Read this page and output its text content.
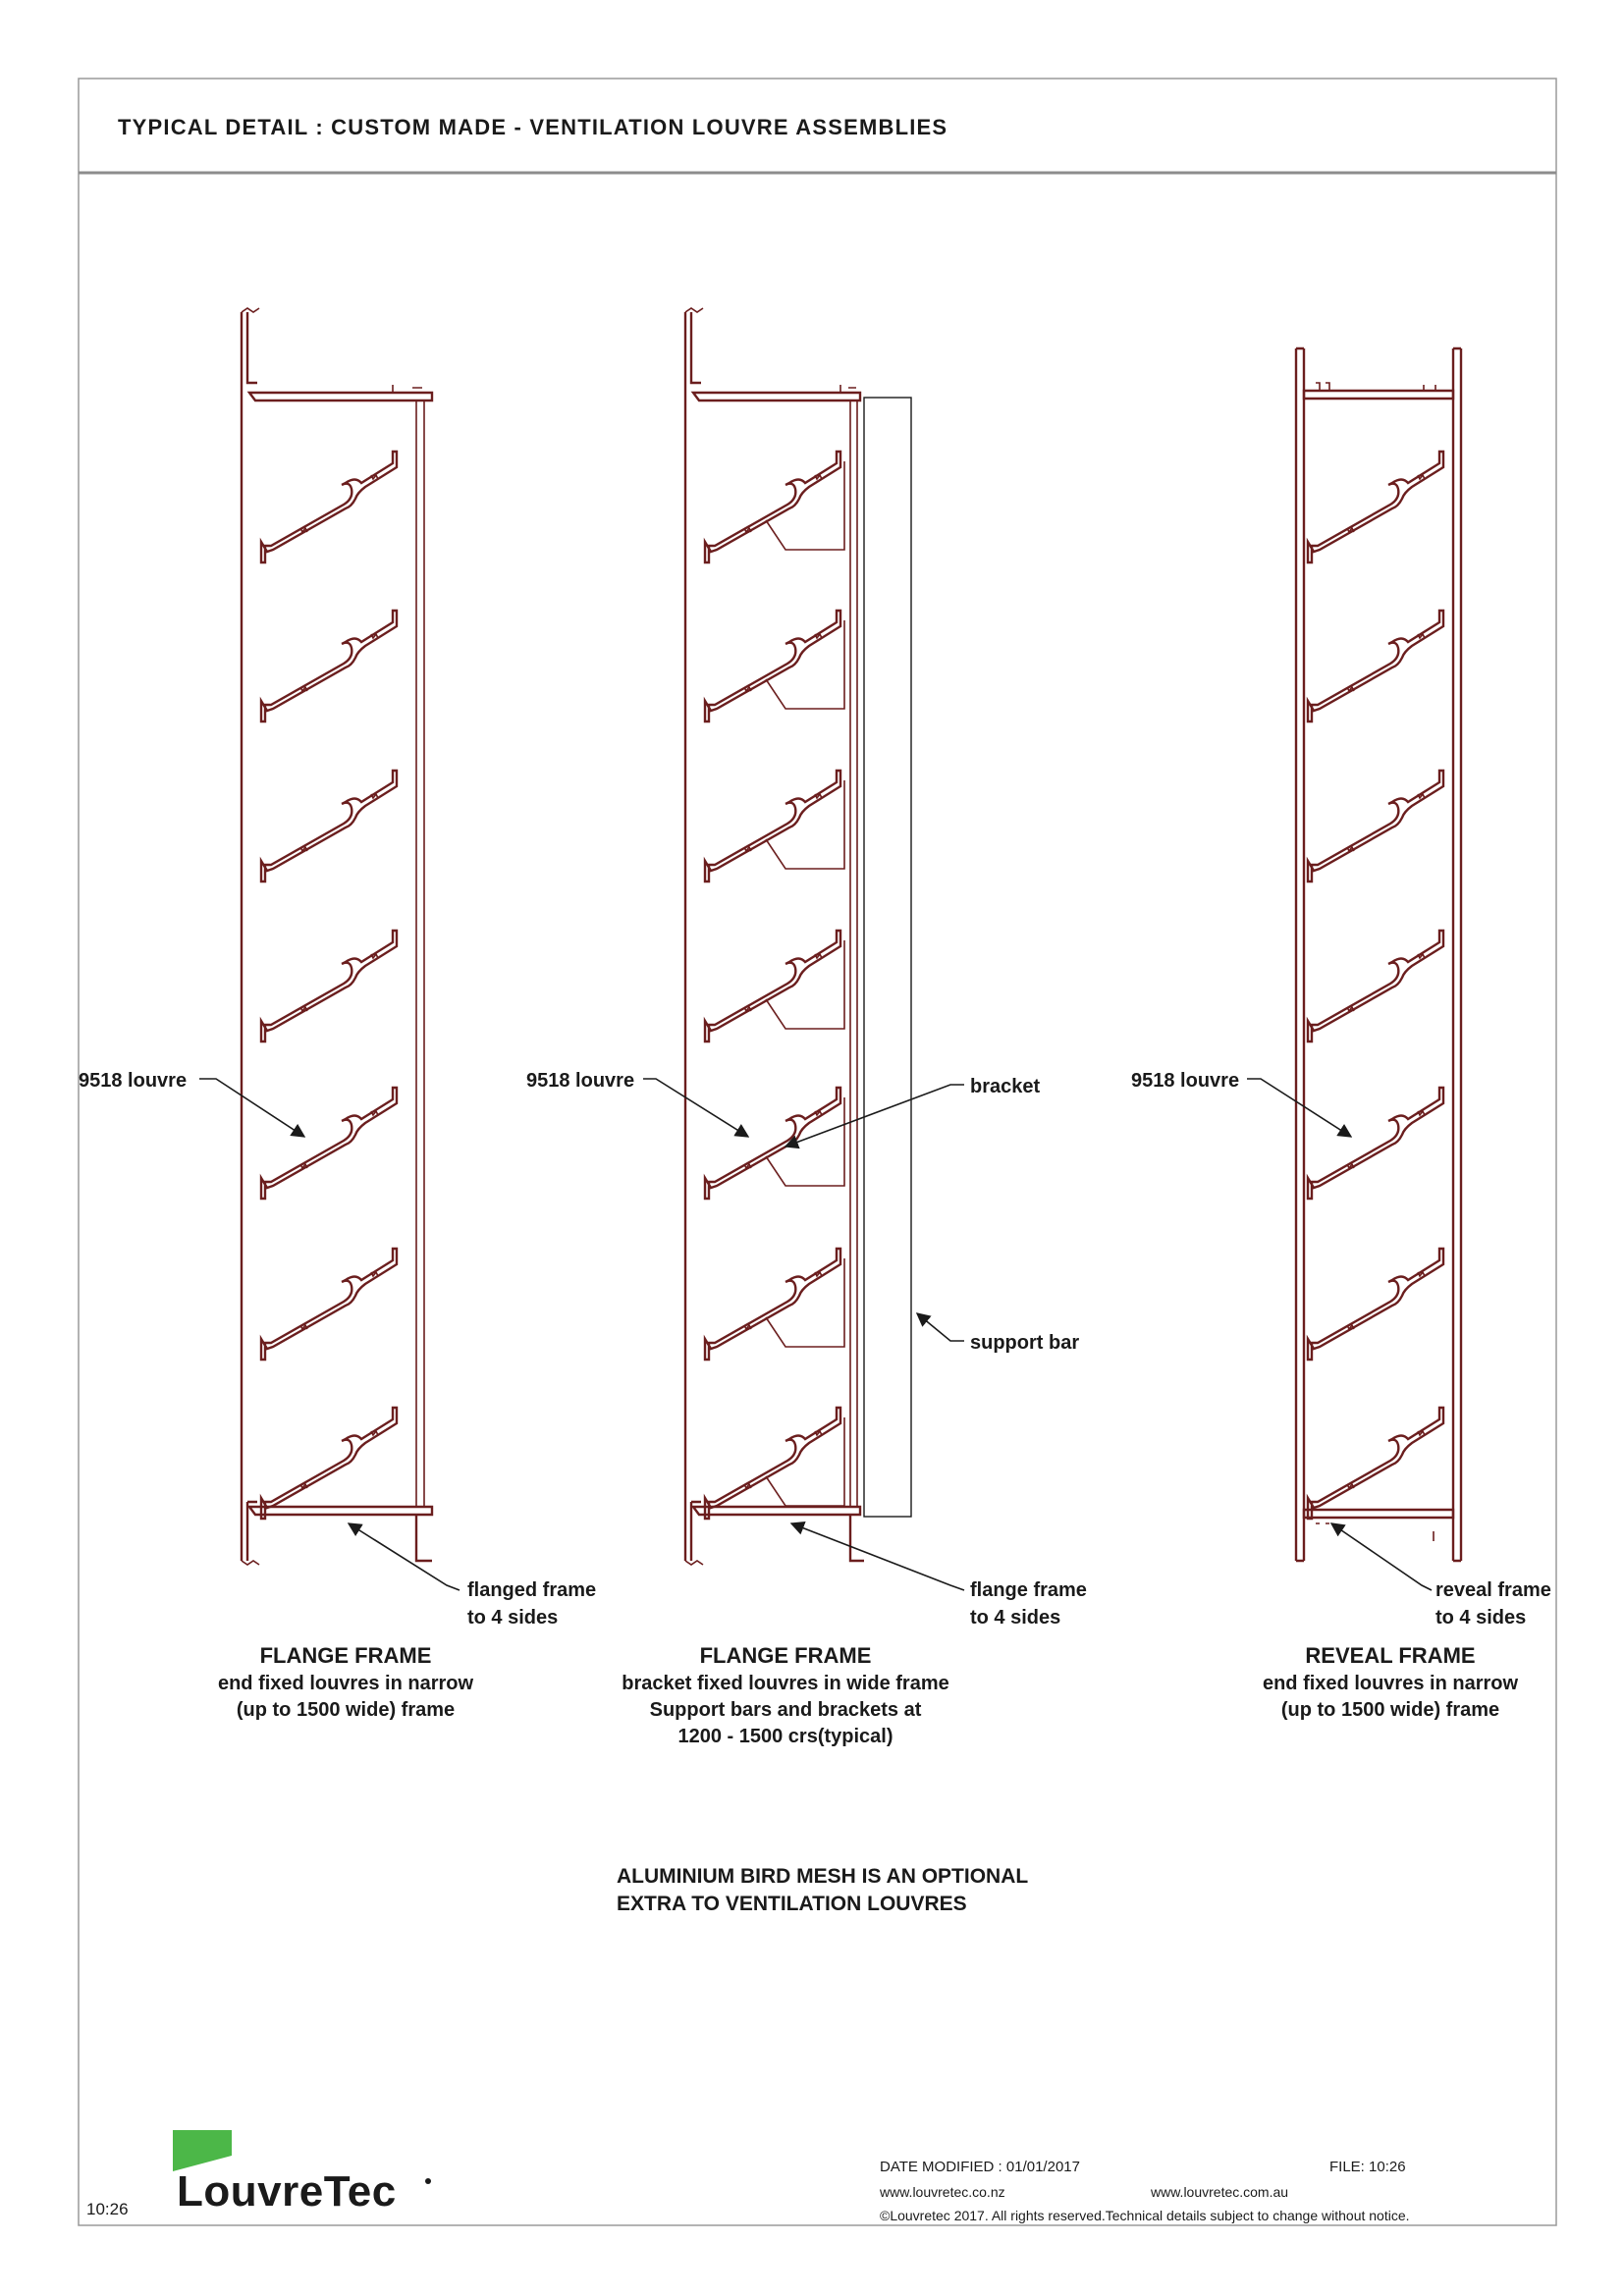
TYPICAL DETAIL : CUSTOM MADE - VENTILATION LOUVRE ASSEMBLIES
9518 louvre
flanged frame
to 4 sides
9518 louvre	bracket
support bar
flange frame
to 4 sides
9518 louvre
reveal frame
to 4 sides
FLANGE FRAME
end fixed louvres in narrow
(up to 1500 wide) frame
FLANGE FRAME
bracket fixed louvres in wide frame
Support bars and brackets at
1200 - 1500 crs(typical)
REVEAL FRAME
end fixed louvres in narrow
(up to 1500 wide) frame
ALUMINIUM BIRD MESH IS AN OPTIONAL
EXTRA TO VENTILATION LOUVRES
10:26 LouvreTec
DATE MODIFIED : 01/01/2017	FILE: 10:26
www.louvretec.co.nz	www.louvretec.com.au
©Louvretec 2017. All rights reserved.Technical details subject to change without notice.
